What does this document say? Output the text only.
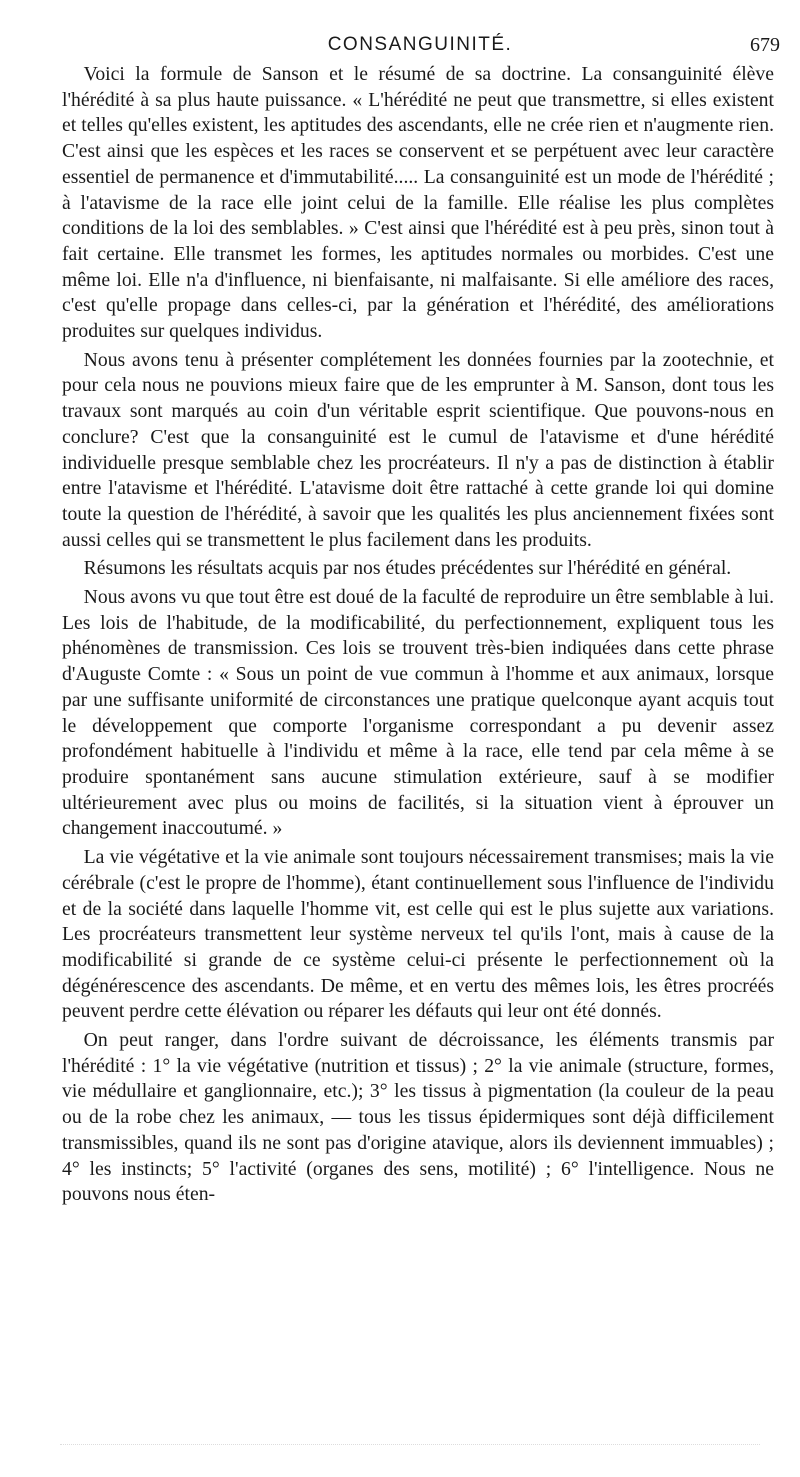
CONSANGUINITÉ.	679

Voici la formule de Sanson et le résumé de sa doctrine. La consanguinité élève l'hérédité à sa plus haute puissance. « L'hérédité ne peut que transmettre, si elles existent et telles qu'elles existent, les aptitudes des ascendants, elle ne crée rien et n'augmente rien. C'est ainsi que les espèces et les races se conservent et se perpétuent avec leur caractère essentiel de permanence et d'immutabilité..... La consanguinité est un mode de l'hérédité ; à l'atavisme de la race elle joint celui de la famille. Elle réalise les plus complètes conditions de la loi des semblables. » C'est ainsi que l'hérédité est à peu près, sinon tout à fait certaine. Elle transmet les formes, les aptitudes normales ou morbides. C'est une même loi. Elle n'a d'influence, ni bienfaisante, ni malfaisante. Si elle améliore des races, c'est qu'elle propage dans celles-ci, par la génération et l'hérédité, des améliorations produites sur quelques individus.

Nous avons tenu à présenter complétement les données fournies par la zootechnie, et pour cela nous ne pouvions mieux faire que de les emprunter à M. Sanson, dont tous les travaux sont marqués au coin d'un véritable esprit scientifique. Que pouvons-nous en conclure? C'est que la consanguinité est le cumul de l'atavisme et d'une hérédité individuelle presque semblable chez les procréateurs. Il n'y a pas de distinction à établir entre l'atavisme et l'hérédité. L'atavisme doit être rattaché à cette grande loi qui domine toute la question de l'hérédité, à savoir que les qualités les plus anciennement fixées sont aussi celles qui se transmettent le plus facilement dans les produits.

Résumons les résultats acquis par nos études précédentes sur l'hérédité en général.

Nous avons vu que tout être est doué de la faculté de reproduire un être semblable à lui. Les lois de l'habitude, de la modificabilité, du perfectionnement, expliquent tous les phénomènes de transmission. Ces lois se trouvent très-bien indiquées dans cette phrase d'Auguste Comte : « Sous un point de vue commun à l'homme et aux animaux, lorsque par une suffisante uniformité de circonstances une pratique quelconque ayant acquis tout le développement que comporte l'organisme correspondant a pu devenir assez profondément habituelle à l'individu et même à la race, elle tend par cela même à se produire spontanément sans aucune stimulation extérieure, sauf à se modifier ultérieurement avec plus ou moins de facilités, si la situation vient à éprouver un changement inaccoutumé. »

La vie végétative et la vie animale sont toujours nécessairement transmises; mais la vie cérébrale (c'est le propre de l'homme), étant continuellement sous l'influence de l'individu et de la société dans laquelle l'homme vit, est celle qui est le plus sujette aux variations. Les procréateurs transmettent leur système nerveux tel qu'ils l'ont, mais à cause de la modificabilité si grande de ce système celui-ci présente le perfectionnement où la dégénérescence des ascendants. De même, et en vertu des mêmes lois, les êtres procréés peuvent perdre cette élévation ou réparer les défauts qui leur ont été donnés.

On peut ranger, dans l'ordre suivant de décroissance, les éléments transmis par l'hérédité : 1° la vie végétative (nutrition et tissus) ; 2° la vie animale (structure, formes, vie médullaire et ganglionnaire, etc.); 3° les tissus à pigmentation (la couleur de la peau ou de la robe chez les animaux, — tous les tissus épidermiques sont déjà difficilement transmissibles, quand ils ne sont pas d'origine atavique, alors ils deviennent immuables) ; 4° les instincts; 5° l'activité (organes des sens, motilité) ; 6° l'intelligence. Nous ne pouvons nous éten-
